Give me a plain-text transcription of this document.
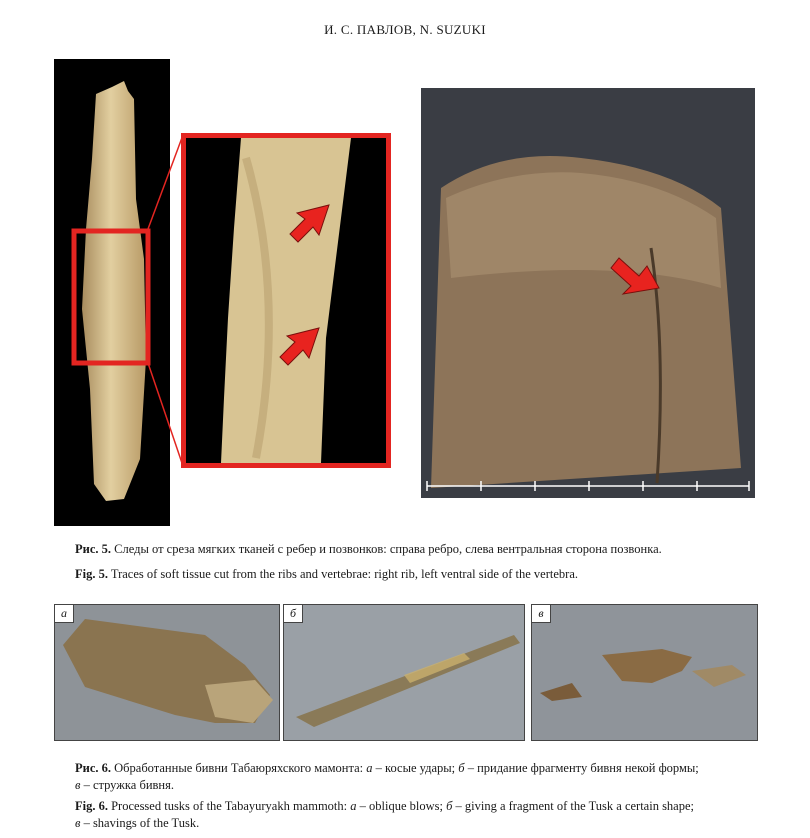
И. С. ПАВЛОВ, N. SUZUKI
Рис. 5. Следы от среза мягких тканей с ребер и позвонков: справа ребро, слева вентральная сторона позвонка.
Fig. 5. Traces of soft tissue cut from the ribs and vertebrae: right rib, left ventral side of the vertebra.
а	б	в
Рис. 6. Обработанные бивни Табаюряхского мамонта: а – косые удары; б – придание фрагменту бивня некой формы;
в – стружка бивня.
Fig. 6. Processed tusks of the Tabayuryakh mammoth: а – oblique blows; б – giving a fragment of the Tusk a certain shape;
в – shavings of the Tusk.
